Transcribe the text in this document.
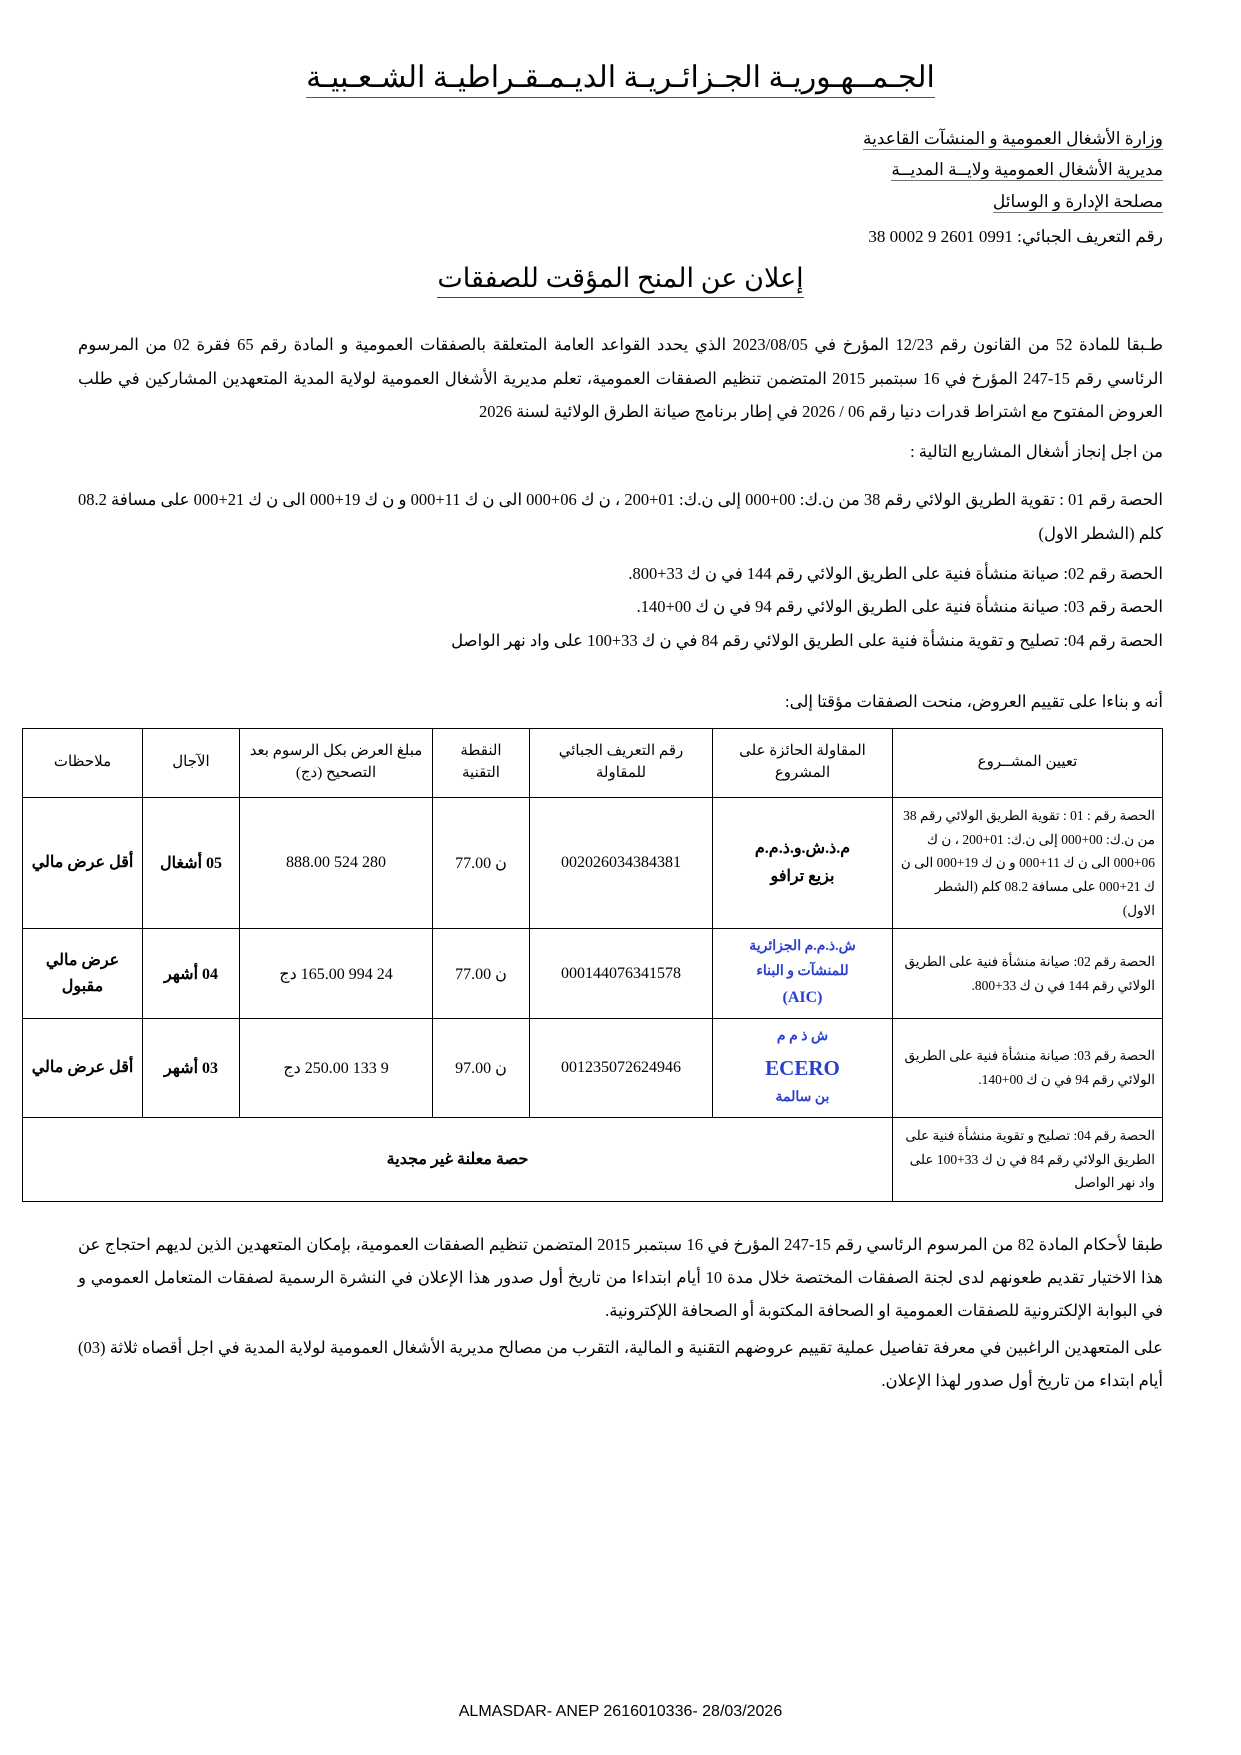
الجـمــهـوريـة الجـزائـريـة الديـمـقـراطيـة الشـعـبيـة
وزارة الأشغال العمومية و المنشآت القاعدية
مديرية الأشغال العمومية ولايــة المديــة
مصلحة الإدارة و الوسائل
رقم التعريف الجبائي: 38 0002 9 2601 0991
إعلان عن المنح المؤقت للصفقات

طـبقا للمادة 52 من القانون رقم 12/23 المؤرخ في 2023/08/05 الذي يحدد القواعد العامة المتعلقة بالصفقات العمومية و المادة رقم 65 فقرة 02 من المرسوم الرئاسي رقم 15-247 المؤرخ في 16 سبتمبر 2015 المتضمن تنظيم الصفقات العمومية، تعلم مديرية الأشغال العمومية لولاية المدية المتعهدين المشاركين في طلب العروض المفتوح مع اشتراط قدرات دنيا رقم 06 / 2026 في إطار برنامج صيانة الطرق الولائية لسنة 2026

من اجل إنجاز أشغال المشاريع التالية :

الحصة رقم 01 : تقوية الطريق الولائي رقم 38 من ن.ك: 00+000 إلى ن.ك: 01+200 ، ن ك 06+000 الى ن ك 11+000 و ن ك 19+000 الى ن ك 21+000 على مسافة 08.2 كلم (الشطر الاول)

الحصة رقم 02: صيانة منشأة فنية على الطريق الولائي رقم 144 في ن ك 33+800.

الحصة رقم 03: صيانة منشأة فنية على الطريق الولائي رقم 94 في ن ك 00+140.

الحصة رقم 04: تصليح و تقوية منشأة فنية على الطريق الولائي رقم 84 في ن ك 33+100 على واد نهر الواصل

أنه و بناءا على تقييم العروض، منحت الصفقات مؤقتا إلى:

تعيين المشــروع	المقاولة الحائزة على المشروع	رقم التعريف الجبائي للمقاولة	النقطة التقنية	مبلغ العرض بكل الرسوم بعد التصحيح (دج)	الآجال	ملاحظات
الحصة رقم : 01 : تقوية الطريق الولائي رقم 38 من ن.ك: 00+000 إلى ن.ك: 01+200 ، ن ك 06+000 الى ن ك 11+000 و ن ك 19+000 الى ن ك 21+000 على مسافة 08.2 كلم (الشطر الاول)	م.ذ.ش.و.ذ.م.م
بزيع ترافو	002026034384381	ن 77.00	280 524 888.00	05 أشغال	أقل عرض مالي
الحصة رقم 02: صيانة منشأة فنية على الطريق الولائي رقم 144 في ن ك 33+800.	ش.ذ.م.م الجزائرية
للمنشآت و البناء
(AIC)	000144076341578	ن 77.00	24 994 165.00 دج	04 أشهر	عرض مالي مقبول
الحصة رقم 03: صيانة منشأة فنية على الطريق الولائي رقم 94 في ن ك 00+140.	ش ذ م م
ECERO
بن سالمة	001235072624946	ن 97.00	9 133 250.00 دج	03 أشهر	أقل عرض مالي
الحصة رقم 04: تصليح و تقوية منشأة فنية على الطريق الولائي رقم 84 في ن ك 33+100 على واد نهر الواصل	حصة معلنة غير مجدية					

طبقا لأحكام المادة 82 من المرسوم الرئاسي رقم 15-247 المؤرخ في 16 سبتمبر 2015 المتضمن تنظيم الصفقات العمومية، بإمكان المتعهدين الذين لديهم احتجاج عن هذا الاختيار تقديم طعونهم لدى لجنة الصفقات المختصة خلال مدة 10 أيام ابتداءا من تاريخ أول صدور هذا الإعلان في النشرة الرسمية لصفقات المتعامل العمومي و في البوابة الإلكترونية للصفقات العمومية او الصحافة المكتوبة أو الصحافة اللإكترونية.

على المتعهدين الراغبين في معرفة تفاصيل عملية تقييم عروضهم التقنية و المالية، التقرب من مصالح مديرية الأشغال العمومية لولاية المدية في اجل أقصاه ثلاثة (03) أيام ابتداء من تاريخ أول صدور لهذا الإعلان.

ALMASDAR- ANEP 2616010336- 28/03/2026
